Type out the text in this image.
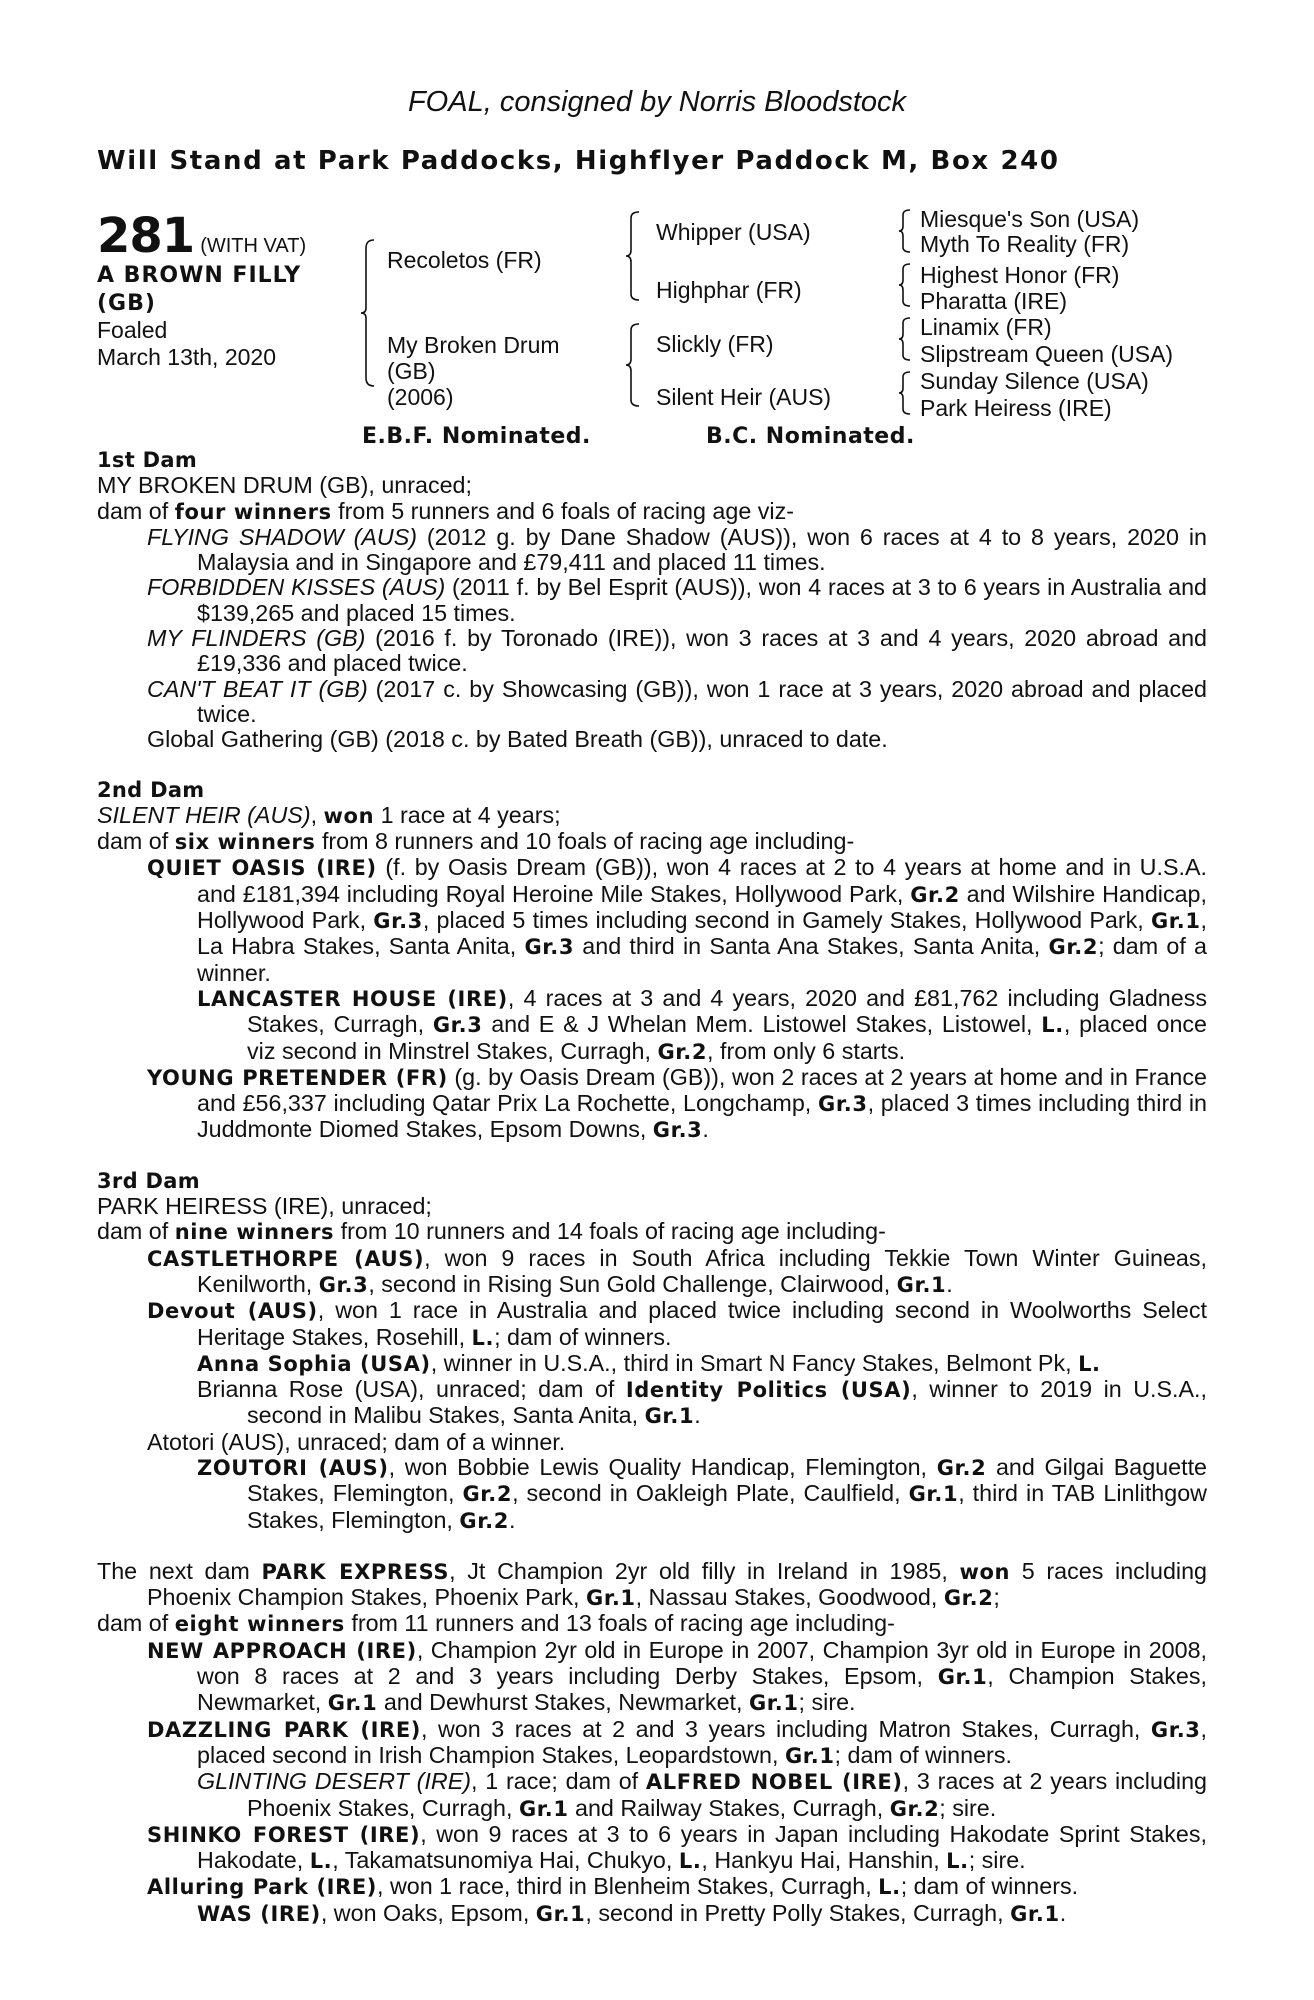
FOAL, consigned by Norris Bloodstock
Will Stand at Park Paddocks, Highflyer Paddock M, Box 240
281 (WITH VAT)
A BROWN FILLY
(GB)
Foaled
March 13th, 2020
Recoletos (FR)
My Broken Drum
(GB)
(2006)
Whipper (USA)
Highphar (FR)
Slickly (FR)
Silent Heir (AUS)
Miesque's Son (USA)
Myth To Reality (FR)
Highest Honor (FR)
Pharatta (IRE)
Linamix (FR)
Slipstream Queen (USA)
Sunday Silence (USA)
Park Heiress (IRE)
E.B.F. Nominated.	B.C. Nominated.
1st Dam
MY BROKEN DRUM (GB), unraced;
dam of four winners from 5 runners and 6 foals of racing age viz-
FLYING SHADOW (AUS) (2012 g. by Dane Shadow (AUS)), won 6 races at 4 to 8 years, 2020 in Malaysia and in Singapore and £79,411 and placed 11 times.
FORBIDDEN KISSES (AUS) (2011 f. by Bel Esprit (AUS)), won 4 races at 3 to 6 years in Australia and $139,265 and placed 15 times.
MY FLINDERS (GB) (2016 f. by Toronado (IRE)), won 3 races at 3 and 4 years, 2020 abroad and £19,336 and placed twice.
CAN'T BEAT IT (GB) (2017 c. by Showcasing (GB)), won 1 race at 3 years, 2020 abroad and placed twice.
Global Gathering (GB) (2018 c. by Bated Breath (GB)), unraced to date.
2nd Dam
SILENT HEIR (AUS), won 1 race at 4 years;
dam of six winners from 8 runners and 10 foals of racing age including-
QUIET OASIS (IRE) (f. by Oasis Dream (GB)), won 4 races at 2 to 4 years at home and in U.S.A. and £181,394 including Royal Heroine Mile Stakes, Hollywood Park, Gr.2 and Wilshire Handicap, Hollywood Park, Gr.3, placed 5 times including second in Gamely Stakes, Hollywood Park, Gr.1, La Habra Stakes, Santa Anita, Gr.3 and third in Santa Ana Stakes, Santa Anita, Gr.2; dam of a winner.
LANCASTER HOUSE (IRE), 4 races at 3 and 4 years, 2020 and £81,762 including Gladness Stakes, Curragh, Gr.3 and E & J Whelan Mem. Listowel Stakes, Listowel, L., placed once viz second in Minstrel Stakes, Curragh, Gr.2, from only 6 starts.
YOUNG PRETENDER (FR) (g. by Oasis Dream (GB)), won 2 races at 2 years at home and in France and £56,337 including Qatar Prix La Rochette, Longchamp, Gr.3, placed 3 times including third in Juddmonte Diomed Stakes, Epsom Downs, Gr.3.
3rd Dam
PARK HEIRESS (IRE), unraced;
dam of nine winners from 10 runners and 14 foals of racing age including-
CASTLETHORPE (AUS), won 9 races in South Africa including Tekkie Town Winter Guineas, Kenilworth, Gr.3, second in Rising Sun Gold Challenge, Clairwood, Gr.1.
Devout (AUS), won 1 race in Australia and placed twice including second in Woolworths Select Heritage Stakes, Rosehill, L.; dam of winners.
Anna Sophia (USA), winner in U.S.A., third in Smart N Fancy Stakes, Belmont Pk, L.
Brianna Rose (USA), unraced; dam of Identity Politics (USA), winner to 2019 in U.S.A., second in Malibu Stakes, Santa Anita, Gr.1.
Atotori (AUS), unraced; dam of a winner.
ZOUTORI (AUS), won Bobbie Lewis Quality Handicap, Flemington, Gr.2 and Gilgai Baguette Stakes, Flemington, Gr.2, second in Oakleigh Plate, Caulfield, Gr.1, third in TAB Linlithgow Stakes, Flemington, Gr.2.
The next dam PARK EXPRESS, Jt Champion 2yr old filly in Ireland in 1985, won 5 races including Phoenix Champion Stakes, Phoenix Park, Gr.1, Nassau Stakes, Goodwood, Gr.2;
dam of eight winners from 11 runners and 13 foals of racing age including-
NEW APPROACH (IRE), Champion 2yr old in Europe in 2007, Champion 3yr old in Europe in 2008, won 8 races at 2 and 3 years including Derby Stakes, Epsom, Gr.1, Champion Stakes, Newmarket, Gr.1 and Dewhurst Stakes, Newmarket, Gr.1; sire.
DAZZLING PARK (IRE), won 3 races at 2 and 3 years including Matron Stakes, Curragh, Gr.3, placed second in Irish Champion Stakes, Leopardstown, Gr.1; dam of winners.
GLINTING DESERT (IRE), 1 race; dam of ALFRED NOBEL (IRE), 3 races at 2 years including Phoenix Stakes, Curragh, Gr.1 and Railway Stakes, Curragh, Gr.2; sire.
SHINKO FOREST (IRE), won 9 races at 3 to 6 years in Japan including Hakodate Sprint Stakes, Hakodate, L., Takamatsunomiya Hai, Chukyo, L., Hankyu Hai, Hanshin, L.; sire.
Alluring Park (IRE), won 1 race, third in Blenheim Stakes, Curragh, L.; dam of winners.
WAS (IRE), won Oaks, Epsom, Gr.1, second in Pretty Polly Stakes, Curragh, Gr.1.
